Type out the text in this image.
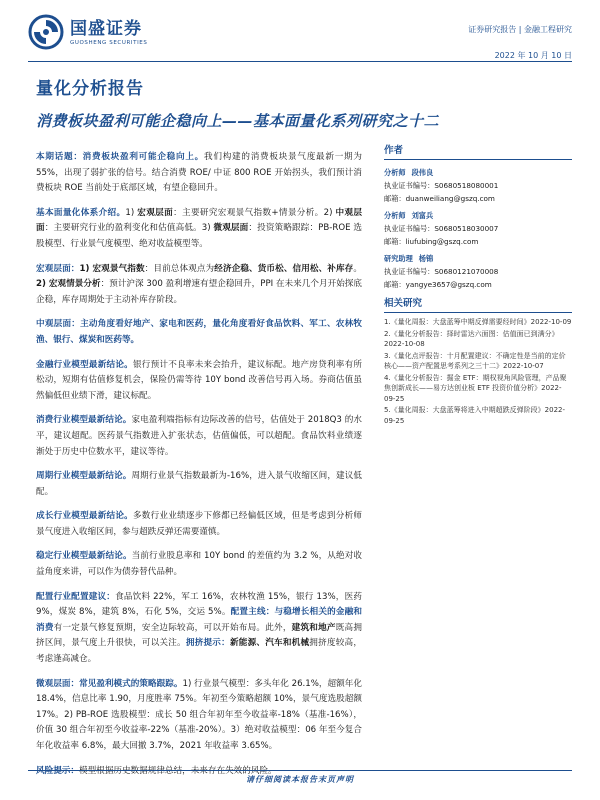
国盛证券
GUOSHENG SECURITIES
证券研究报告 | 金融工程研究
2022 年 10 月 10 日
量化分析报告
消费板块盈利可能企稳向上——基本面量化系列研究之十二

本期话题：消费板块盈利可能企稳向上。我们构建的消费板块景气度最新一期为 55%，出现了弱扩张的信号。结合消费 ROE/ 中证 800 ROE 开始拐头，我们预计消费板块 ROE 当前处于底部区域，有望企稳回升。

基本面量化体系介绍。1) 宏观层面：主要研究宏观景气指数+情景分析。2) 中观层面：主要研究行业的盈利变化和估值高低。3) 微观层面：投资策略跟踪：PB-ROE 选股模型、行业景气度模型、绝对收益模型等。

宏观层面：1) 宏观景气指数：目前总体观点为经济企稳、货币松、信用松、补库存。2) 宏观情景分析：预计沪深 300 盈利增速有望企稳回升，PPI 在未来几个月开始探底企稳，库存周期处于主动补库存阶段。

中观层面：主动角度看好地产、家电和医药，量化角度看好食品饮料、军工、农林牧渔、银行、煤炭和医药等。

金融行业模型最新结论。银行预计不良率未来会抬升，建议标配。地产房贷利率有所松动，短期有估值修复机会，保险仍需等待 10Y bond 改善信号再入场。券商估值虽然偏低但业绩下滑，建议标配。

消费行业模型最新结论。家电盈利端指标有边际改善的信号，估值处于 2018Q3 的水平，建议超配。医药景气指数进入扩张状态，估值偏低，可以超配。食品饮料业绩逐渐处于历史中位数水平，建议等待。

周期行业模型最新结论。周期行业景气指数最新为-16%，进入景气收缩区间，建议低配。

成长行业模型最新结论。多数行业业绩逐步下修都已经偏低区域，但是考虑到分析师景气度进入收缩区间，参与超跌反弹还需要谨慎。

稳定行业模型最新结论。当前行业股息率和 10Y bond 的差值约为 3.2 %，从绝对收益角度来讲，可以作为债券替代品种。

配置行业配置建议：食品饮料 22%，军工 16%，农林牧渔 15%，银行 13%，医药 9%，煤炭 8%，建筑 8%，石化 5%，交运 5%。配置主线：与稳增长相关的金融和消费有一定景气修复预期，安全边际较高，可以开始布局。此外，建筑和地产既高拥挤区间，景气度上升很快，可以关注。拥挤提示：新能源、汽车和机械拥挤度较高，考虑逢高减仓。

微观层面：常见盈利模式的策略跟踪。1) 行业景气模型：多头年化 26.1%，超额年化 18.4%，信息比率 1.90，月度胜率 75%。年初至今策略超额 10%，景气度选股超额 17%。2) PB-ROE 选股模型：成长 50 组合年初年至今收益率-18%（基准-16%），价值 30 组合年初至今收益率-22%（基准-20%）。3）绝对收益模型：06 年至今复合年化收益率 6.8%，最大回撤 3.7%，2021 年收益率 3.65%。

作者
分析师 段伟良
执业证书编号：S0680518080001
邮箱：duanweiliang@gszq.com
分析师 刘富兵
执业证书编号：S0680518030007
邮箱：liufubing@gszq.com
研究助理 杨锦
执业证书编号：S0680121070008
邮箱：yangye3657@gszq.com
相关研究
1.《量化周报：大盘蓝筹中期反弹需要经时间》2022-10-09
2.《量化分析报告：择时雷达六面图：估值面已到满分》2022-10-08
3.《量化点评报告：十月配置建议：不确定性是当前的定价核心——资产配置思考系列之三十二》2022-10-07
4.《量化分析报告：掘金 ETF：期权视角风险管理，产品聚焦创新成长——易方达创业板 ETF 投资价值分析》2022-09-25
5.《量化周报：大盘蓝筹将进入中期超跌反弹阶段》2022-09-25
请仔细阅读本报告末页声明
